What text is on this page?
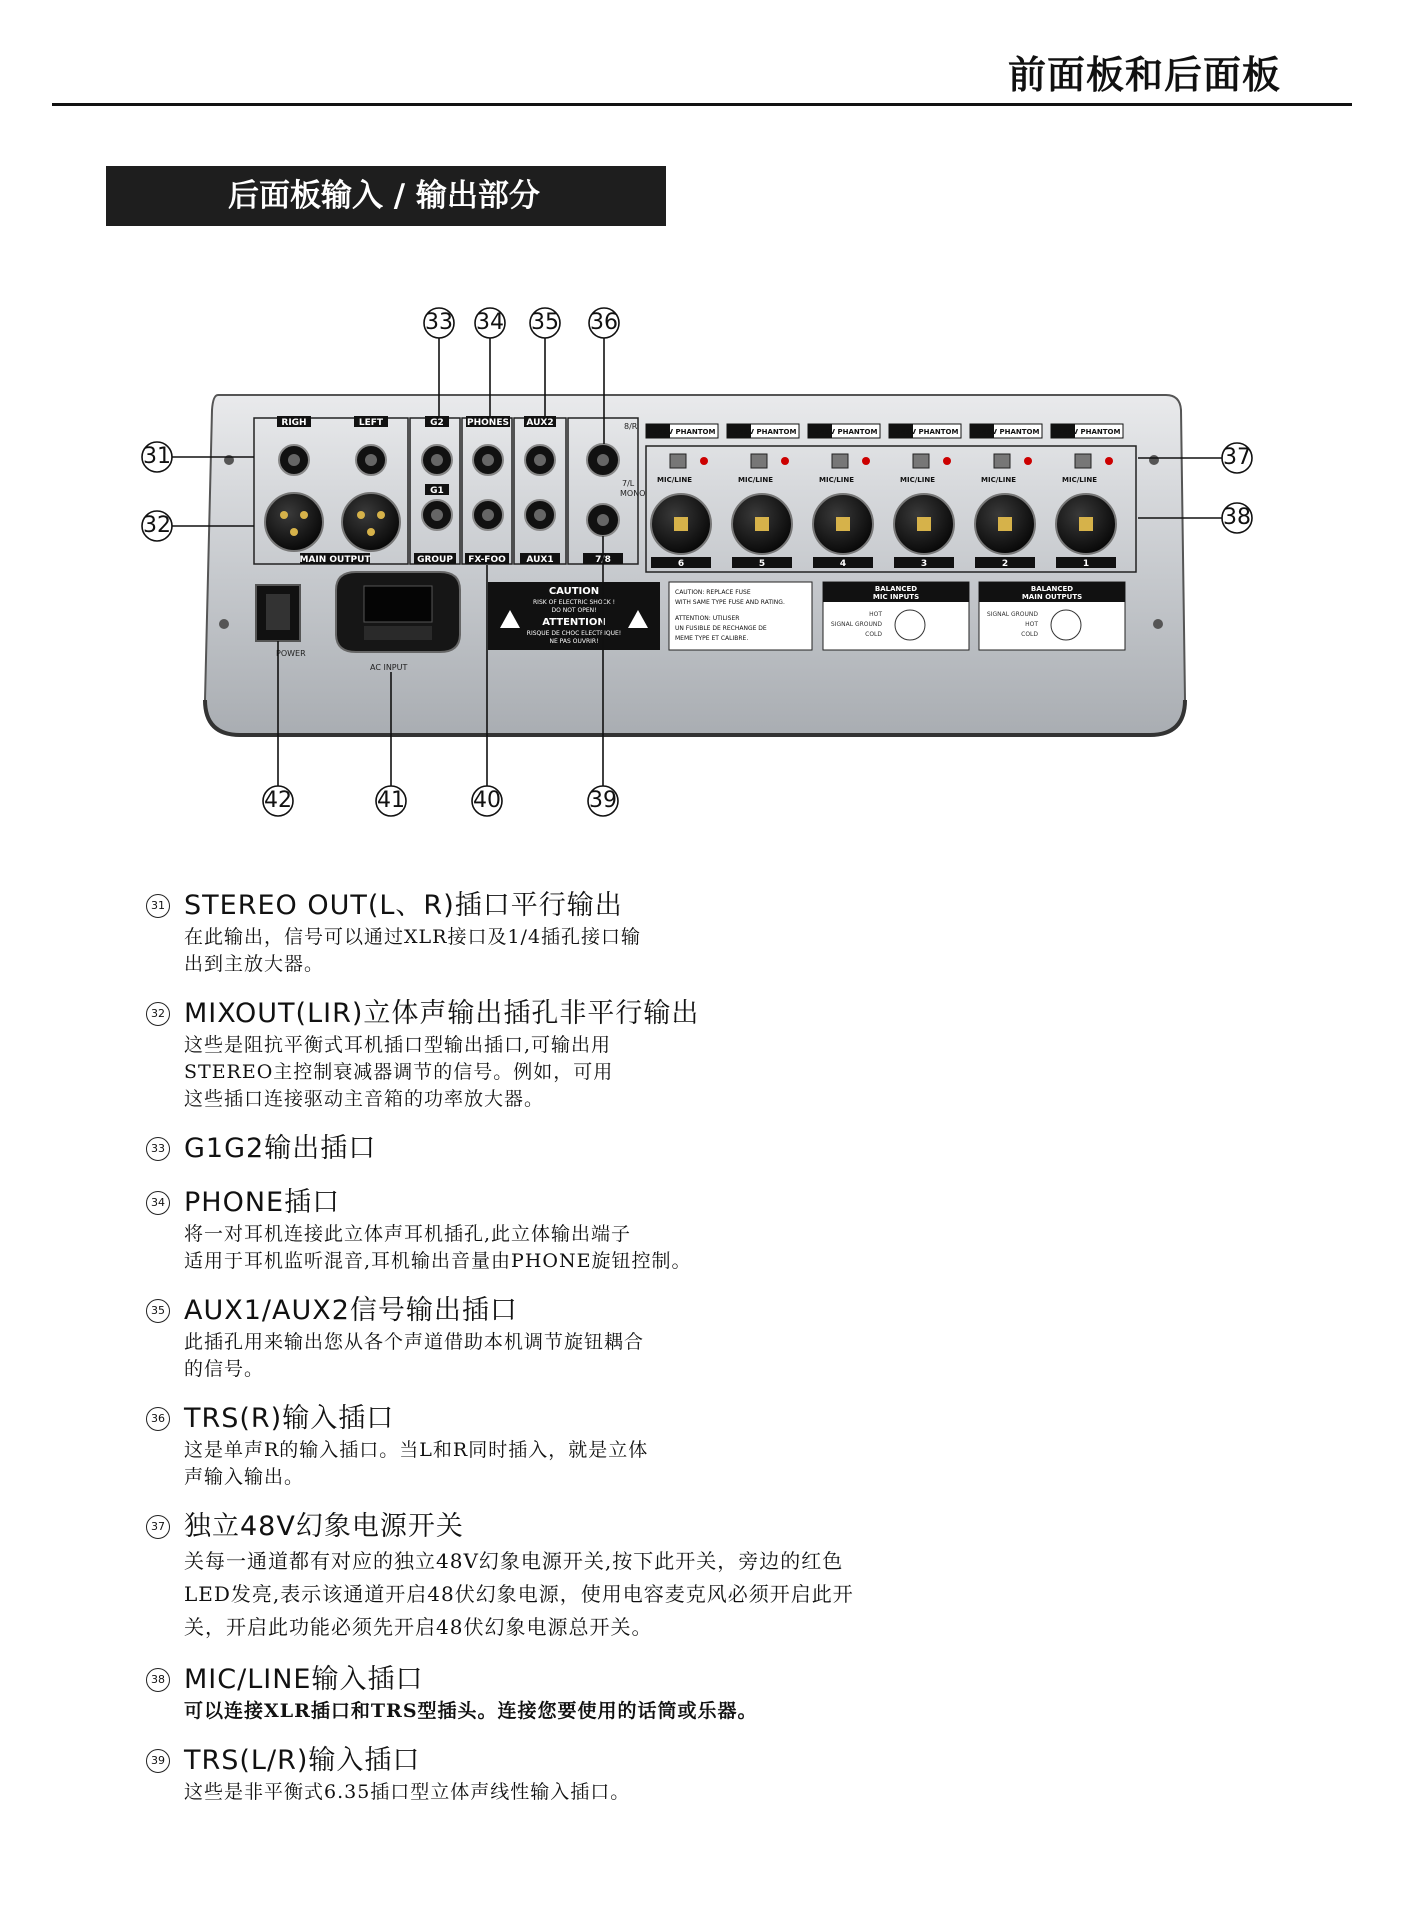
前面板和后面板
后面板输入 / 输出部分
RIGH	LEFT	G2	PHONES AUX2
G1
MAIN OUTPUT	GROUP FX-FOO AUX1	7/8
8/R
7/L
MONO
POWER
AC INPUT
+48V PHANTOM	+48V PHANTOM	+48V PHANTOM	+48V PHANTOM	+48V PHANTOM	+48V PHANTOM
MIC/LINE	MIC/LINE	MIC/LINE	MIC/LINE	MIC/LINE	MIC/LINE
6	5	4	3	2	1
CAUTION
RISK OF ELECTRIC SHOCK !
DO NOT OPEN!
ATTENTION
RISQUE DE CHOC ELECTRIQUE!
NE PAS OUVRIR!
CAUTION: REPLACE FUSE
WITH SAME TYPE FUSE AND RATING.
ATTENTION: UTILISER
UN FUSIBLE DE RECHANGE DE
MEME TYPE ET CALIBRE.
BALANCED
MIC INPUTS
BALANCED
MAIN OUTPUTS
HOT
SIGNAL GROUND
COLD
SIGNAL GROUND
HOT
COLD
33 34 35 36
31
32
37
38
42	41	40	39
31 STEREO OUT(L、R)插口平行输出
在此输出，信号可以通过XLR接口及1/4插孔接口输
出到主放大器。
32 MIXOUT(LIR)立体声输出插孔非平行输出
这些是阻抗平衡式耳机插口型输出插口,可输出用
STEREO主控制衰减器调节的信号。例如，可用
这些插口连接驱动主音箱的功率放大器。
33 G1G2输出插口
34 PHONE插口
将一对耳机连接此立体声耳机插孔,此立体输出端子
适用于耳机监听混音,耳机输出音量由PHONE旋钮控制。
35 AUX1/AUX2信号输出插口
此插孔用来输出您从各个声道借助本机调节旋钮耦合
的信号。
36 TRS(R)输入插口
这是单声R的输入插口。当L和R同时插入，就是立体
声输入输出。
37 独立48V幻象电源开关
关每一通道都有对应的独立48V幻象电源开关,按下此开关，旁边的红色
LED发亮,表示该通道开启48伏幻象电源，使用电容麦克风必须开启此开
关，开启此功能必须先开启48伏幻象电源总开关。
38 MIC/LINE输入插口
可以连接XLR插口和TRS型插头。连接您要使用的话筒或乐器。
39 TRS(L/R)输入插口
这些是非平衡式6.35插口型立体声线性输入插口。
